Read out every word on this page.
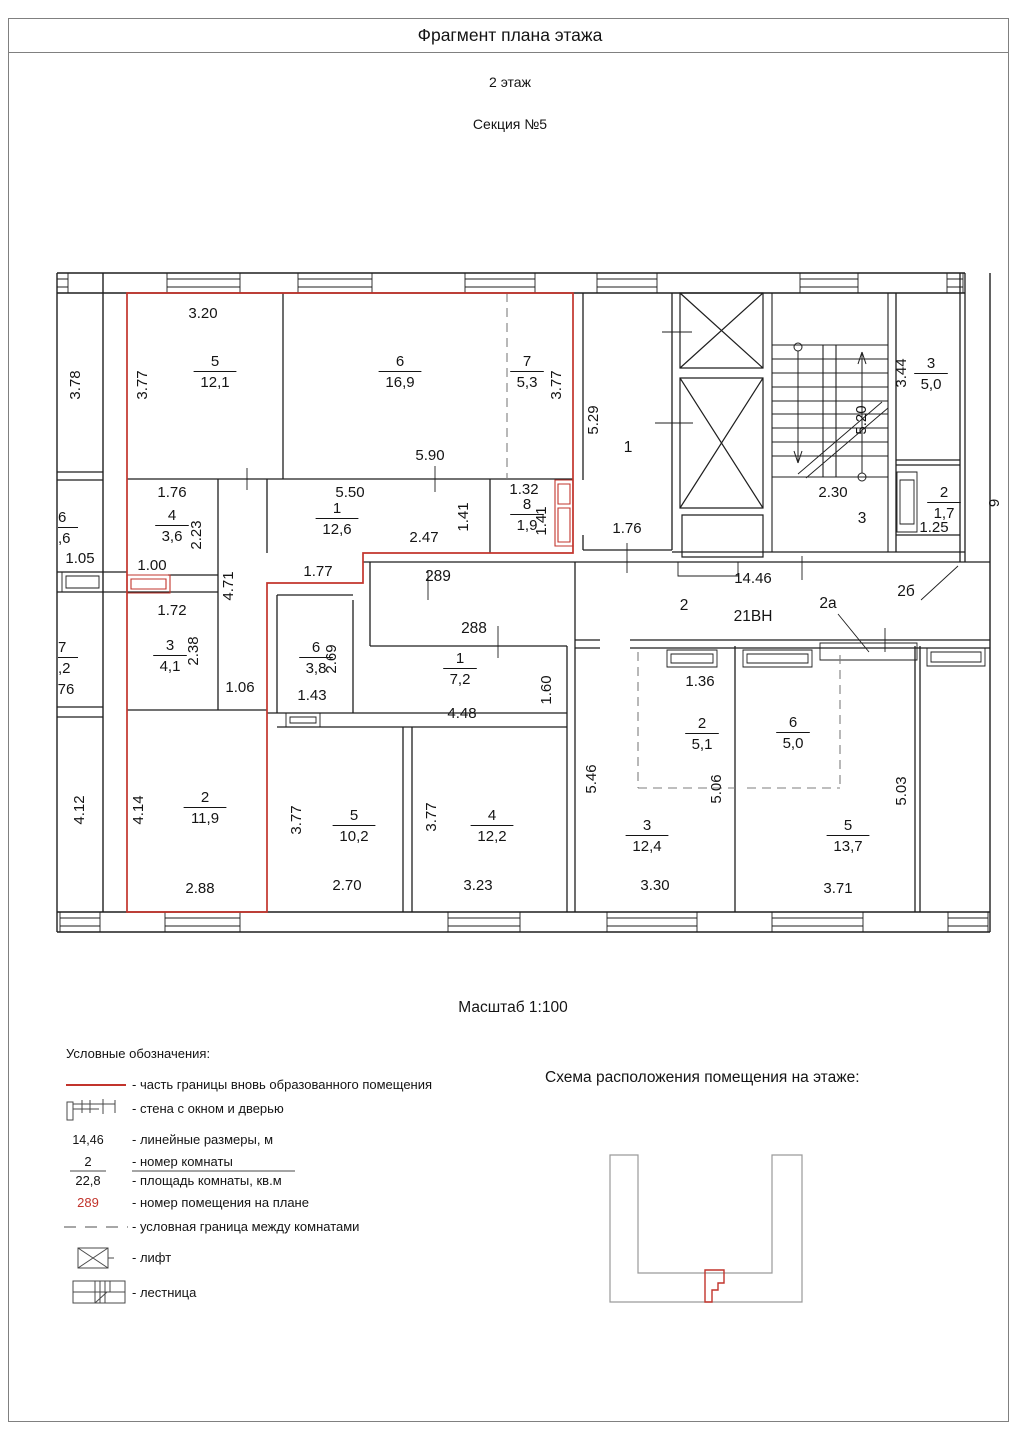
Фрагмент плана этажа
2 этаж
Секция №5
5
12,1
6
16,9
7
5,3
3
5,0
4
3,6
1
12,6
8
1,9
2
1,7
3
4,1
6
3,8
1
7,2
2
11,9	5
10,2
4
12,2
3
12,4
2
5,1
6
5,0
5
13,7
6
,6
7
,2
3.20
5.90
1.76	5.50	1.32
2.47
1.00	1.77
1.72
1.06	1.43
4.48
1.36
2.88	2.70	3.23	3.30	3.71
1.76
2.30
14.46
1.25
1.05
76
3.78	3.77	3.77
5.29	5.20
3.44
2.23
1.41	1.41
4.71
2.38	2.69
1.60
4.14
4.12	3.77	3.77
5.46	5.06	5.03
9
1
3
2	2а
2б
289
288
21ВН
Масштаб 1:100
Условные обозначения:
- часть границы вновь образованного помещения
- стена с окном и дверью
14,46 - линейные размеры, м
2
22,8
- номер комнаты
- площадь комнаты, кв.м
289	- номер помещения на плане
- условная граница между комнатами
- лифт
- лестница
Схема расположения помещения на этаже:
